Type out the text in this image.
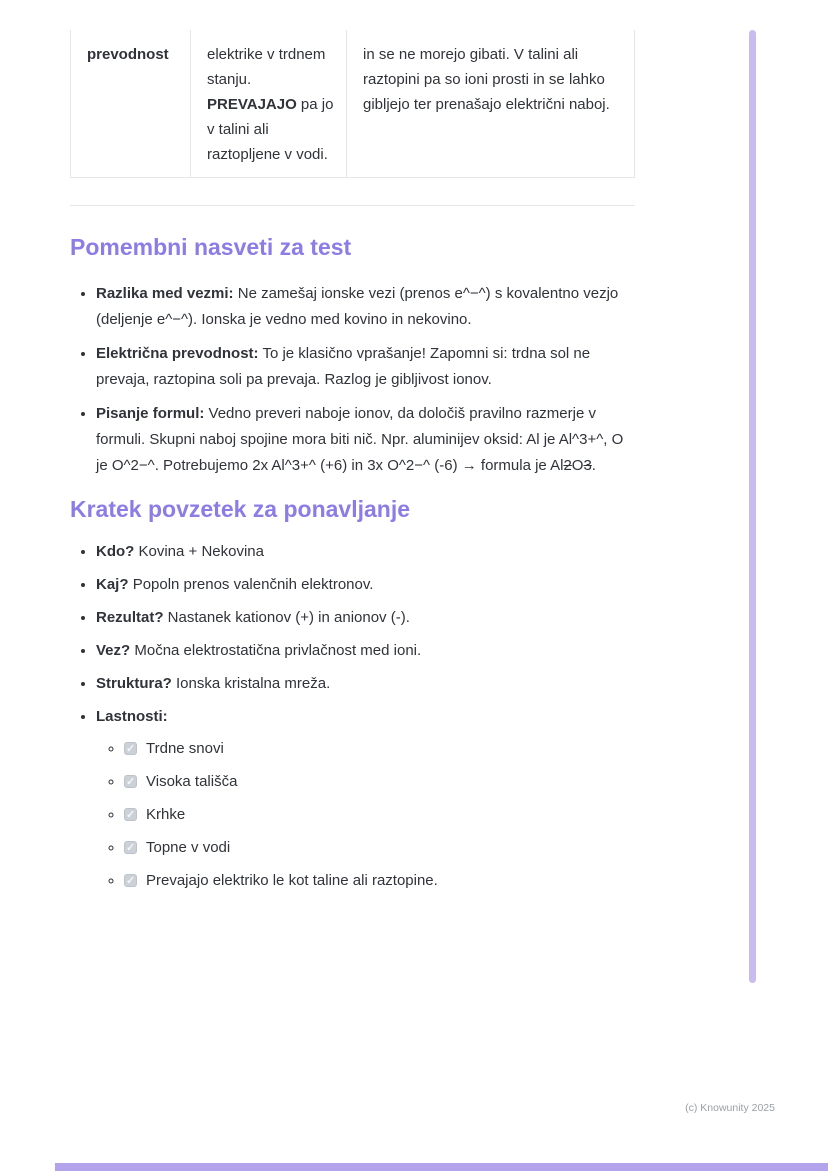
prevodnost	elektrike v trdnem stanju. PREVAJAJO pa jo v talini ali raztopljene v vodi.	in se ne morejo gibati. V talini ali raztopini pa so ioni prosti in se lahko gibljejo ter prenašajo električni naboj.
Pomembni nasveti za test
• Razlika med vezmi: Ne zamešaj ionske vezi (prenos e^−^) s kovalentno vezjo (deljenje e^−^). Ionska je vedno med kovino in nekovino.
• Električna prevodnost: To je klasično vprašanje! Zapomni si: trdna sol ne prevaja, raztopina soli pa prevaja. Razlog je gibljivost ionov.
• Pisanje formul: Vedno preveri naboje ionov, da določiš pravilno razmerje v formuli. Skupni naboj spojine mora biti nič. Npr. aluminijev oksid: Al je Al^3+^, O je O^2−^. Potrebujemo 2x Al^3+^ (+6) in 3x O^2−^ (-6) → formula je Al2O3.
Kratek povzetek za ponavljanje
• Kdo? Kovina + Nekovina
• Kaj? Popoln prenos valenčnih elektronov.
• Rezultat? Nastanek kationov (+) in anionov (-).
• Vez? Močna elektrostatična privlačnost med ioni.
• Struktura? Ionska kristalna mreža.
• Lastnosti:
◦ ✓ Trdne snovi
◦ ✓ Visoka tališča
◦ ✓ Krhke
◦ ✓ Topne v vodi
◦ ✓ Prevajajo elektriko le kot taline ali raztopine.
(c) Knowunity 2025
